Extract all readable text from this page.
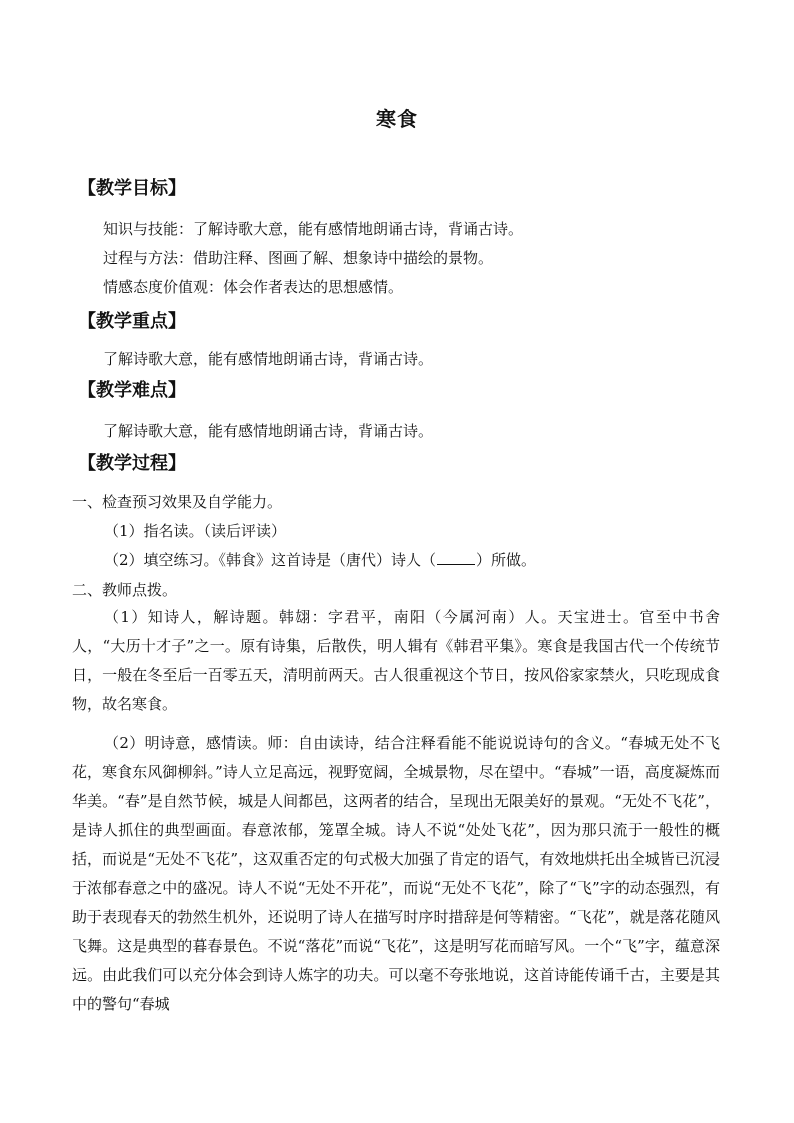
寒食
【教学目标】
知识与技能：了解诗歌大意，能有感情地朗诵古诗，背诵古诗。
过程与方法：借助注释、图画了解、想象诗中描绘的景物。
情感态度价值观：体会作者表达的思想感情。
【教学重点】
了解诗歌大意，能有感情地朗诵古诗，背诵古诗。
【教学难点】
了解诗歌大意，能有感情地朗诵古诗，背诵古诗。
【教学过程】
一、检查预习效果及自学能力。
（1）指名读。（读后评读）
（2）填空练习。《韩食》这首诗是（唐代）诗人（	）所做。
二、教师点拨。
（1）知诗人，解诗题。韩翃：字君平，南阳（今属河南）人。天宝进士。官至中书舍人，“大历十才子”之一。原有诗集，后散佚，明人辑有《韩君平集》。寒食是我国古代一个传统节日，一般在冬至后一百零五天，清明前两天。古人很重视这个节日，按风俗家家禁火，只吃现成食物，故名寒食。
（2）明诗意，感情读。师：自由读诗，结合注释看能不能说说诗句的含义。“春城无处不飞花，寒食东风御柳斜。”诗人立足高远，视野宽阔，全城景物，尽在望中。“春城”一语，高度凝炼而华美。“春”是自然节候，城是人间都邑，这两者的结合，呈现出无限美好的景观。“无处不飞花”，是诗人抓住的典型画面。春意浓郁，笼罩全城。诗人不说“处处飞花”，因为那只流于一般性的概括，而说是“无处不飞花”，这双重否定的句式极大加强了肯定的语气，有效地烘托出全城皆已沉浸于浓郁春意之中的盛况。诗人不说“无处不开花”，而说“无处不飞花”，除了“飞”字的动态强烈，有助于表现春天的勃然生机外，还说明了诗人在描写时序时措辞是何等精密。“飞花”，就是落花随风飞舞。这是典型的暮春景色。不说“落花”而说“飞花”，这是明写花而暗写风。一个“飞”字，蕴意深远。由此我们可以充分体会到诗人炼字的功夫。可以毫不夸张地说，这首诗能传诵千古，主要是其中的警句“春城
